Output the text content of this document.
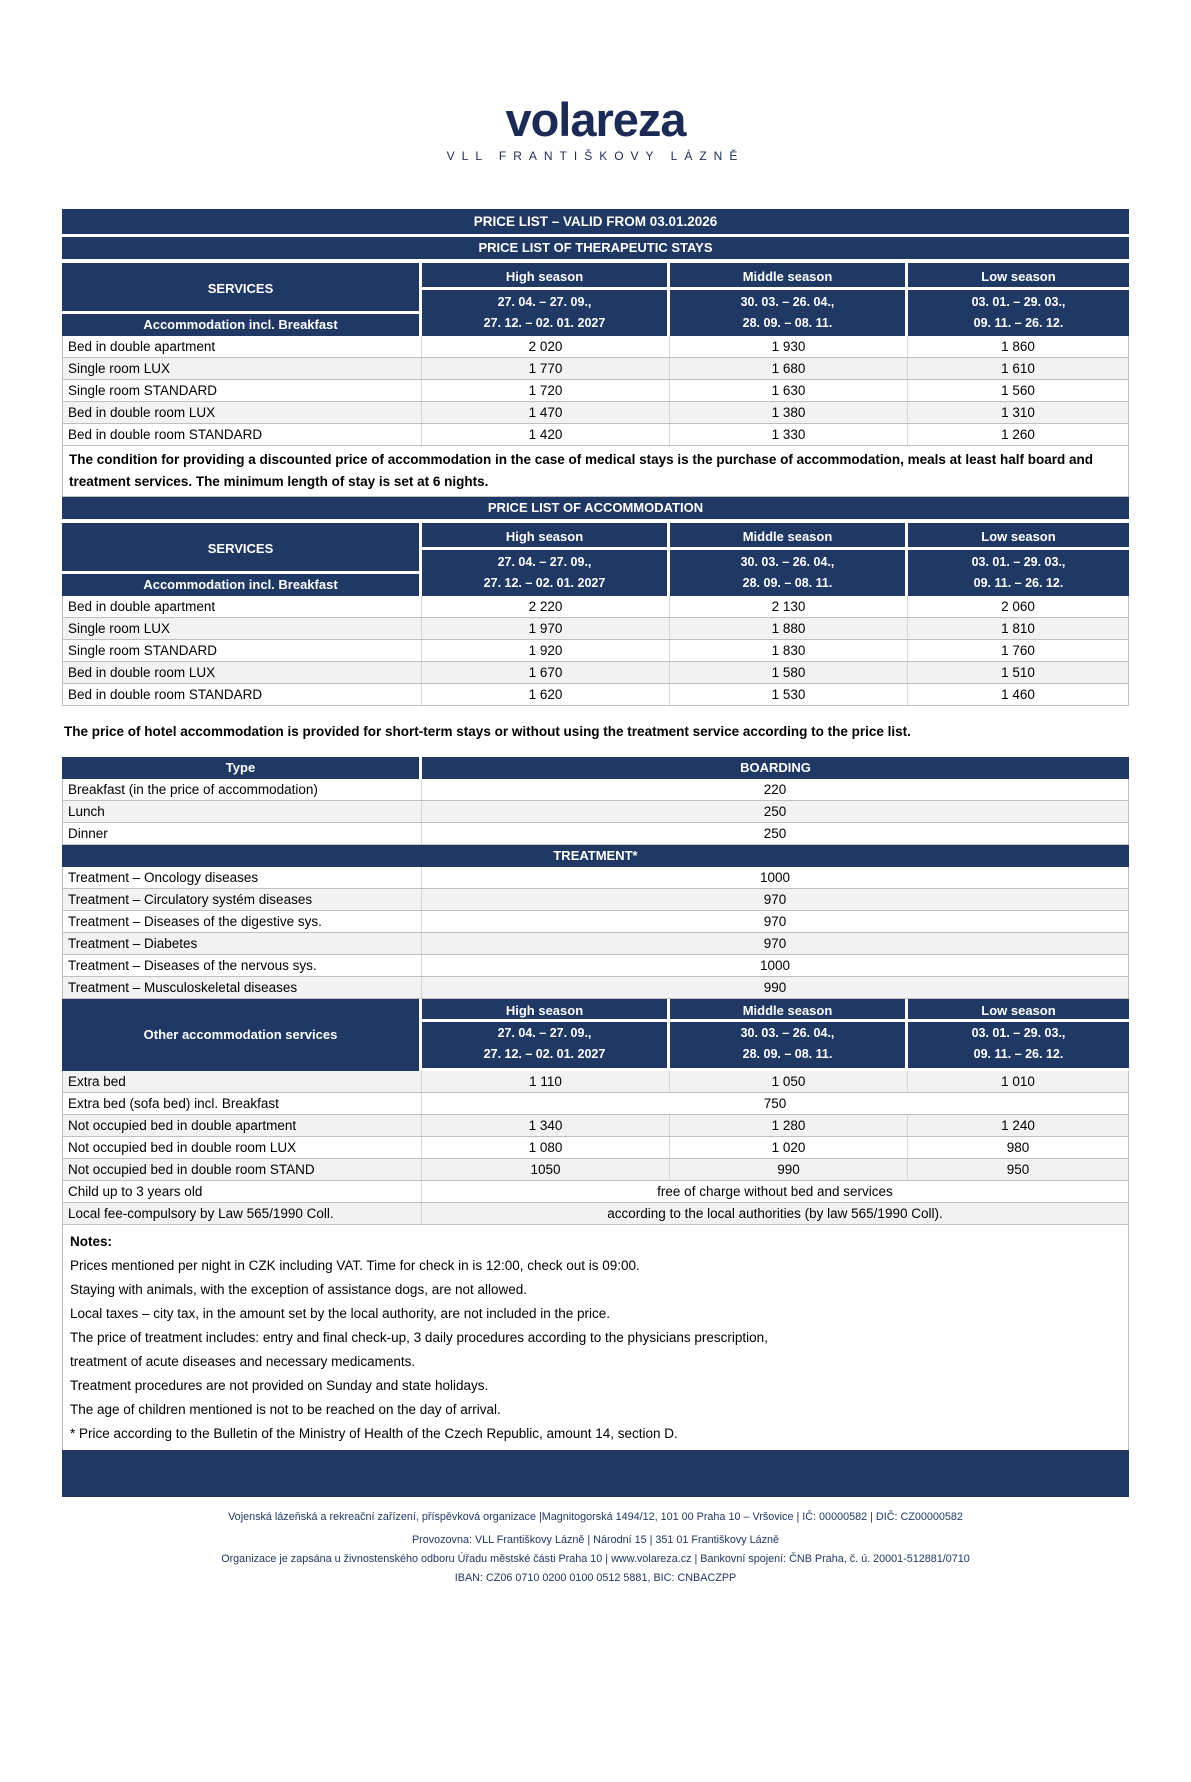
volareza
VLL FRANTIŠKOVY LÁZNĚ
PRICE LIST – VALID FROM 03.01.2026
PRICE LIST OF THERAPEUTIC STAYS
SERVICES
Accommodation incl. Breakfast
High season
27. 04. – 27. 09.,
27. 12. – 02. 01. 2027
Middle season
30. 03. – 26. 04.,
28. 09. – 08. 11.
Low season
03. 01. – 29. 03.,
09. 11. – 26. 12.
Bed in double apartment	2 020	1 930	1 860
Single room LUX	1 770	1 680	1 610
Single room STANDARD	1 720	1 630	1 560
Bed in double room LUX	1 470	1 380	1 310
Bed in double room STANDARD	1 420	1 330	1 260
The condition for providing a discounted price of accommodation in the case of medical stays is the purchase of accommodation, meals at least half board and treatment services. The minimum length of stay is set at 6 nights.
PRICE LIST OF ACCOMMODATION
SERVICES
Accommodation incl. Breakfast
High season
27. 04. – 27. 09.,
27. 12. – 02. 01. 2027
Middle season
30. 03. – 26. 04.,
28. 09. – 08. 11.
Low season
03. 01. – 29. 03.,
09. 11. – 26. 12.
Bed in double apartment	2 220	2 130	2 060
Single room LUX	1 970	1 880	1 810
Single room STANDARD	1 920	1 830	1 760
Bed in double room LUX	1 670	1 580	1 510
Bed in double room STANDARD	1 620	1 530	1 460
The price of hotel accommodation is provided for short-term stays or without using the treatment service according to the price list.
Type	BOARDING
Breakfast (in the price of accommodation)	220
Lunch	250
Dinner	250
TREATMENT*
Treatment – Oncology diseases	1000
Treatment – Circulatory systém diseases	970
Treatment – Diseases of the digestive sys.	970
Treatment – Diabetes	970
Treatment – Diseases of the nervous sys.	1000
Treatment – Musculoskeletal diseases	990
Other accommodation services
High season
27. 04. – 27. 09.,
27. 12. – 02. 01. 2027
Middle season
30. 03. – 26. 04.,
28. 09. – 08. 11.
Low season
03. 01. – 29. 03.,
09. 11. – 26. 12.
Extra bed	1 110	1 050	1 010
Extra bed (sofa bed) incl. Breakfast	750
Not occupied bed in double apartment	1 340	1 280	1 240
Not occupied bed in double room LUX	1 080	1 020	980
Not occupied bed in double room STAND	1050	990	950
Child up to 3 years old	free of charge without bed and services
Local fee-compulsory by Law 565/1990 Coll.	according to the local authorities (by law 565/1990 Coll).
Notes:
Prices mentioned per night in CZK including VAT. Time for check in is 12:00, check out is 09:00.
Staying with animals, with the exception of assistance dogs, are not allowed.
Local taxes – city tax, in the amount set by the local authority, are not included in the price.
The price of treatment includes: entry and final check-up, 3 daily procedures according to the physicians prescription,
treatment of acute diseases and necessary medicaments.
Treatment procedures are not provided on Sunday and state holidays.
The age of children mentioned is not to be reached on the day of arrival.
* Price according to the Bulletin of the Ministry of Health of the Czech Republic, amount 14, section D.
Vojenská lázeňská a rekreační zařízení, příspěvková organizace |Magnitogorská 1494/12, 101 00 Praha 10 – Vršovice | IČ: 00000582 | DIČ: CZ00000582
Provozovna: VLL Františkovy Lázně | Národní 15 | 351 01 Františkovy Lázně
Organizace je zapsána u živnostenského odboru Úřadu městské části Praha 10 | www.volareza.cz | Bankovní spojení: ČNB Praha, č. ú. 20001-512881/0710
IBAN: CZ06 0710 0200 0100 0512 5881, BIC: CNBACZPP
